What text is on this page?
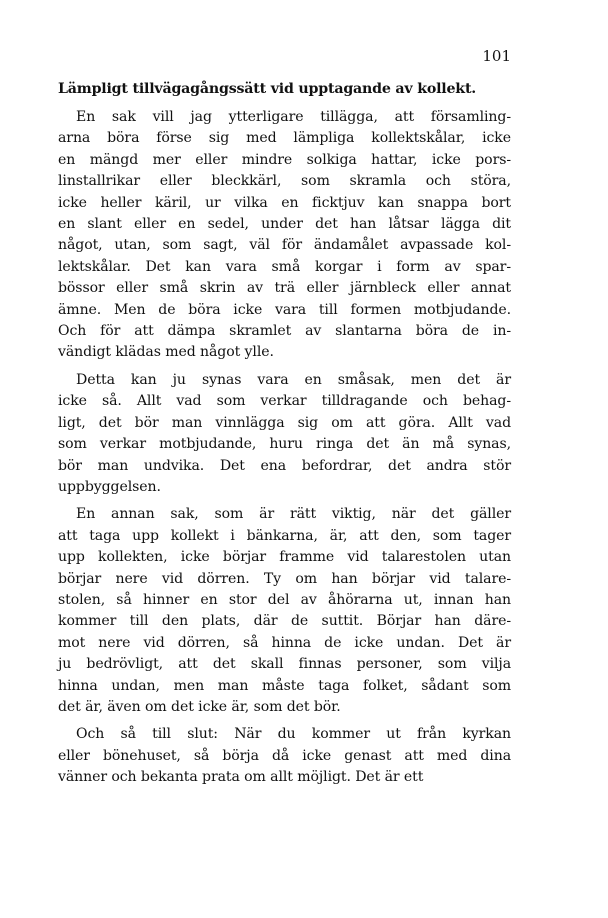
101
Lämpligt tillvägagångssätt vid upptagande av kollekt.
En sak vill jag ytterligare tillägga, att församling-
arna böra förse sig med lämpliga kollektskålar, icke
en mängd mer eller mindre solkiga hattar, icke pors-
linstallrikar eller bleckkärl, som skramla och störa,
icke heller käril, ur vilka en ficktjuv kan snappa bort
en slant eller en sedel, under det han låtsar lägga dit
något, utan, som sagt, väl för ändamålet avpassade kol-
lektskålar. Det kan vara små korgar i form av spar-
bössor eller små skrin av trä eller järnbleck eller annat
ämne. Men de böra icke vara till formen motbjudande.
Och för att dämpa skramlet av slantarna böra de in-
vändigt klädas med något ylle.
Detta kan ju synas vara en småsak, men det är
icke så. Allt vad som verkar tilldragande och behag-
ligt, det bör man vinnlägga sig om att göra. Allt vad
som verkar motbjudande, huru ringa det än må synas,
bör man undvika. Det ena befordrar, det andra stör
uppbyggelsen.
En annan sak, som är rätt viktig, när det gäller
att taga upp kollekt i bänkarna, är, att den, som tager
upp kollekten, icke börjar framme vid talarestolen utan
börjar nere vid dörren. Ty om han börjar vid talare-
stolen, så hinner en stor del av åhörarna ut, innan han
kommer till den plats, där de suttit. Börjar han däre-
mot nere vid dörren, så hinna de icke undan. Det är
ju bedrövligt, att det skall finnas personer, som vilja
hinna undan, men man måste taga folket, sådant som
det är, även om det icke är, som det bör.
Och så till slut: När du kommer ut från kyrkan
eller bönehuset, så börja då icke genast att med dina
vänner och bekanta prata om allt möjligt. Det är ett
